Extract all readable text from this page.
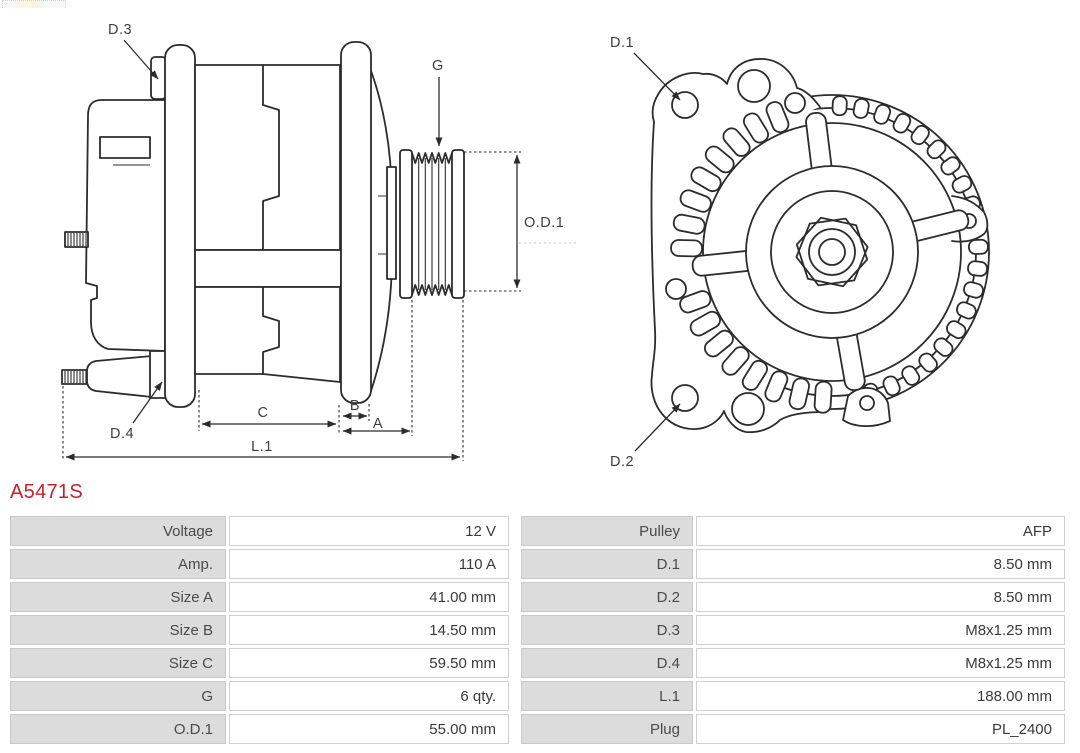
D.3
G
D.4
O.D.1
C	B
A
L.1
D.1
D.2
A5471S
Voltage	12 V	Pulley	AFP
Amp.	110 A	D.1	8.50 mm
Size A	41.00 mm	D.2	8.50 mm
Size B	14.50 mm	D.3	M8x1.25 mm
Size C	59.50 mm	D.4	M8x1.25 mm
G	6 qty.	L.1	188.00 mm
O.D.1	55.00 mm	Plug	PL_2400
